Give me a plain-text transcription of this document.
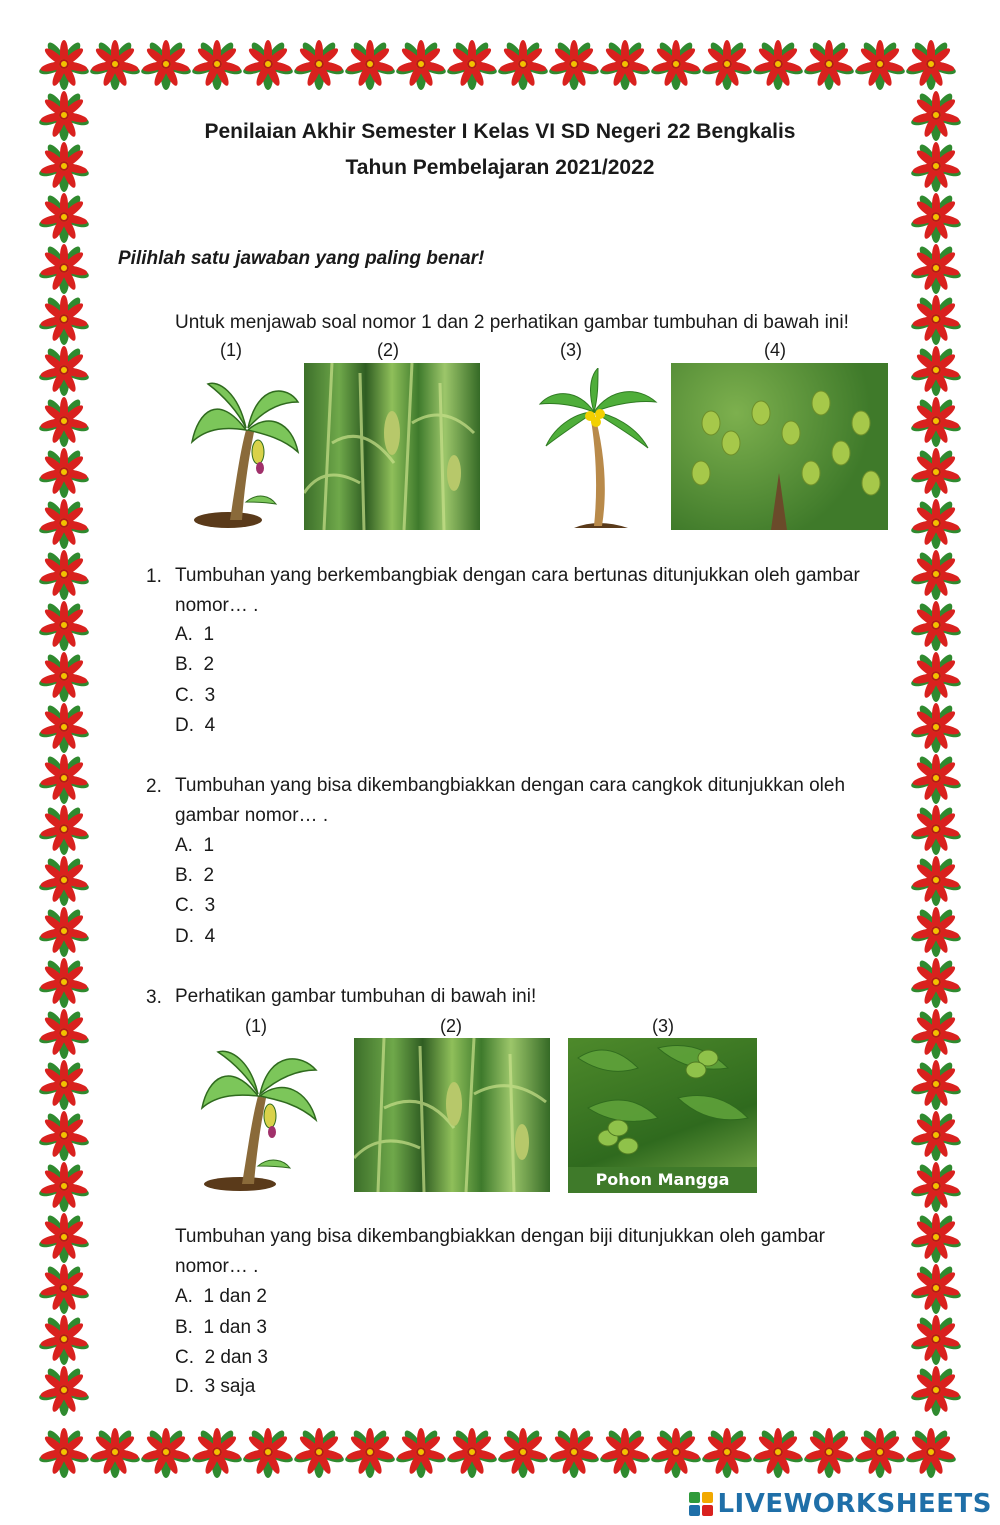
Penilaian Akhir Semester I Kelas VI SD Negeri 22 Bengkalis
Tahun Pembelajaran 2021/2022
Pilihlah satu jawaban yang paling benar!
Untuk menjawab soal nomor 1 dan 2 perhatikan gambar tumbuhan di bawah ini!
(1)	(2)	(3)	(4)
1. Tumbuhan yang berkembangbiak dengan cara bertunas ditunjukkan oleh gambar
nomor… .
A. 1
B. 2
C. 3
D. 4
2. Tumbuhan yang bisa dikembangbiakkan dengan cara cangkok ditunjukkan oleh
gambar nomor… .
A. 1
B. 2
C. 3
D. 4
3. Perhatikan gambar tumbuhan di bawah ini!
(1)	(2)	(3)
Pohon Mangga
Tumbuhan yang bisa dikembangbiakkan dengan biji ditunjukkan oleh gambar
nomor… .
A. 1 dan 2
B. 1 dan 3
C. 2 dan 3
D. 3 saja
LIVEWORKSHEETS
